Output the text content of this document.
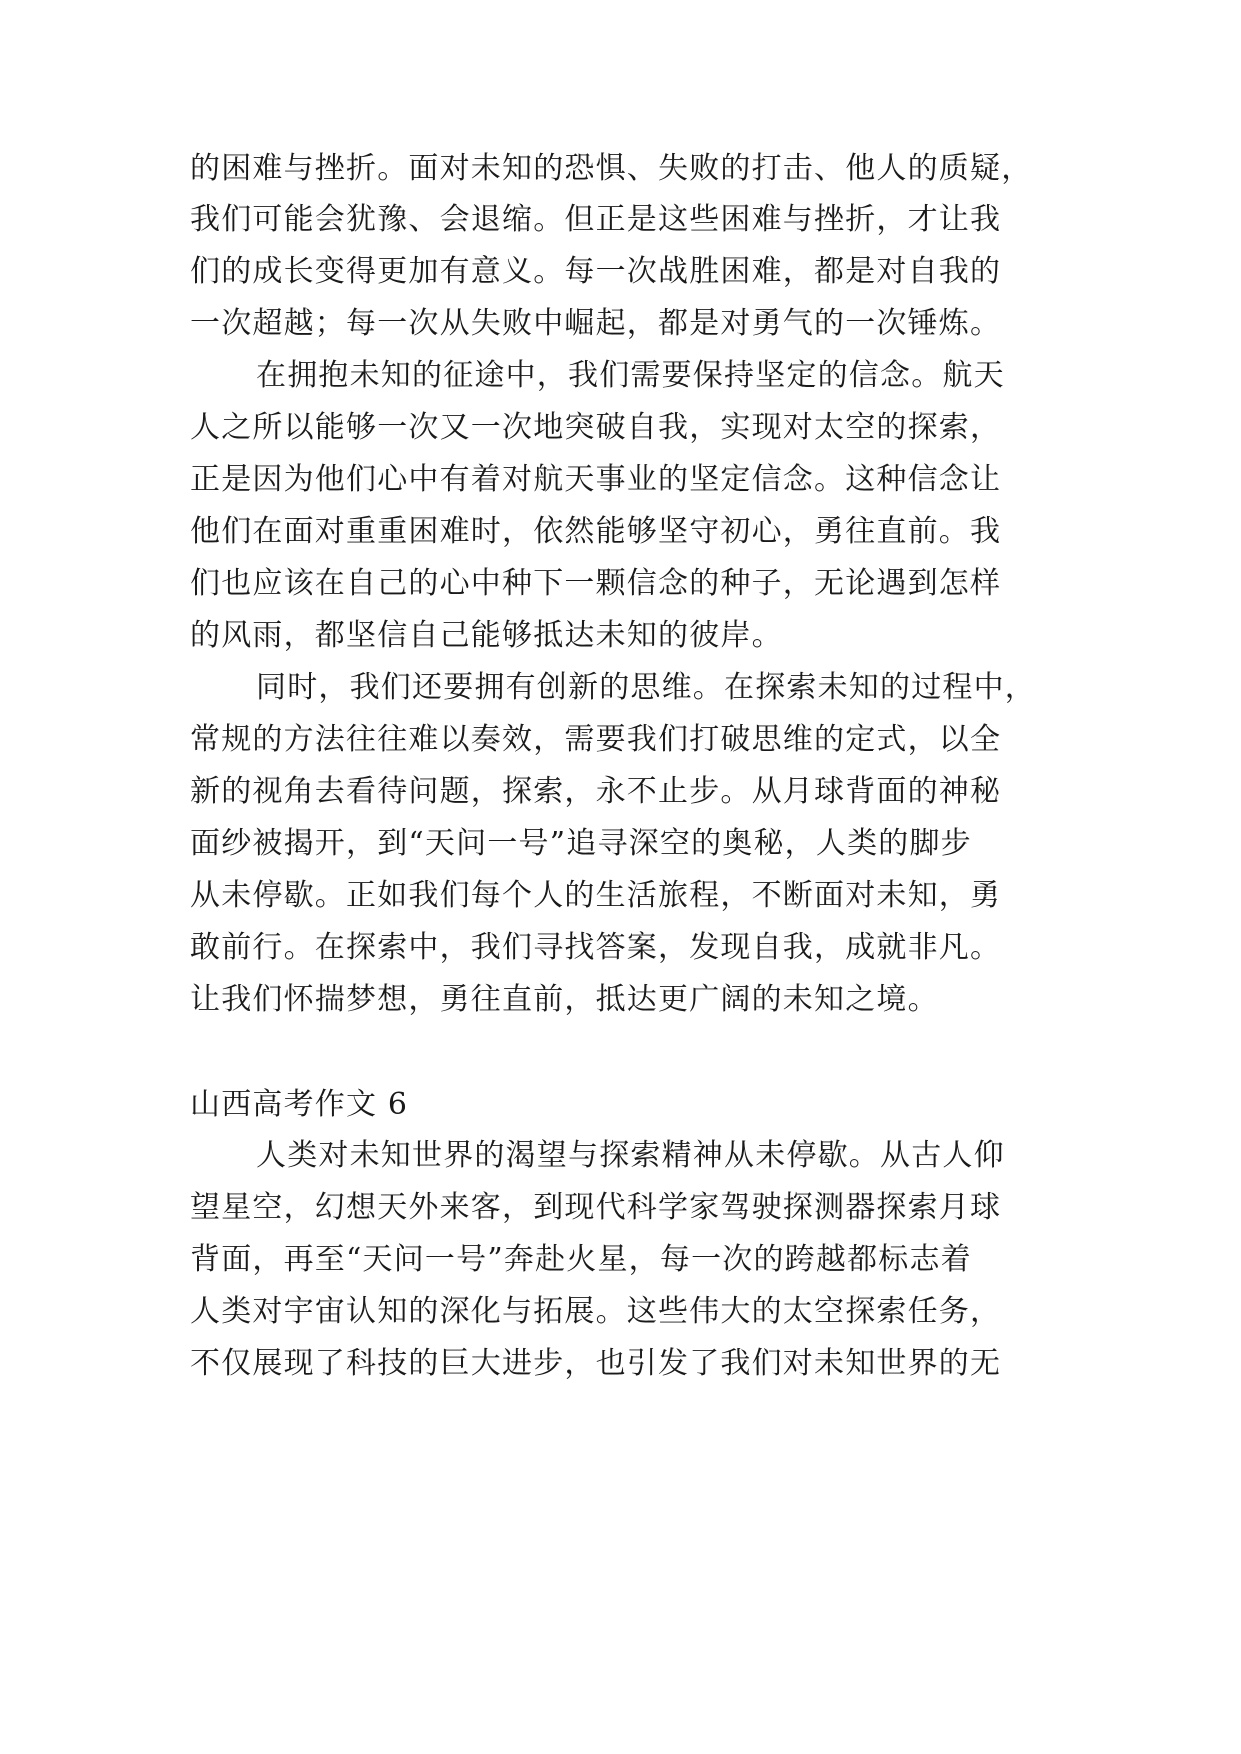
的困难与挫折。面对未知的恐惧、失败的打击、他人的质疑，
我们可能会犹豫、会退缩。但正是这些困难与挫折，才让我
们的成长变得更加有意义。每一次战胜困难，都是对自我的
一次超越；每一次从失败中崛起，都是对勇气的一次锤炼。
在拥抱未知的征途中，我们需要保持坚定的信念。航天
人之所以能够一次又一次地突破自我，实现对太空的探索，
正是因为他们心中有着对航天事业的坚定信念。这种信念让
他们在面对重重困难时，依然能够坚守初心，勇往直前。我
们也应该在自己的心中种下一颗信念的种子，无论遇到怎样
的风雨，都坚信自己能够抵达未知的彼岸。
同时，我们还要拥有创新的思维。在探索未知的过程中，
常规的方法往往难以奏效，需要我们打破思维的定式，以全
新的视角去看待问题，探索，永不止步。从月球背面的神秘
面纱被揭开，到“天问一号”追寻深空的奥秘，人类的脚步
从未停歇。正如我们每个人的生活旅程，不断面对未知，勇
敢前行。在探索中，我们寻找答案，发现自我，成就非凡。
让我们怀揣梦想，勇往直前，抵达更广阔的未知之境。
山西高考作文 6
人类对未知世界的渴望与探索精神从未停歇。从古人仰
望星空，幻想天外来客，到现代科学家驾驶探测器探索月球
背面，再至“天问一号”奔赴火星，每一次的跨越都标志着
人类对宇宙认知的深化与拓展。这些伟大的太空探索任务，
不仅展现了科技的巨大进步，也引发了我们对未知世界的无
